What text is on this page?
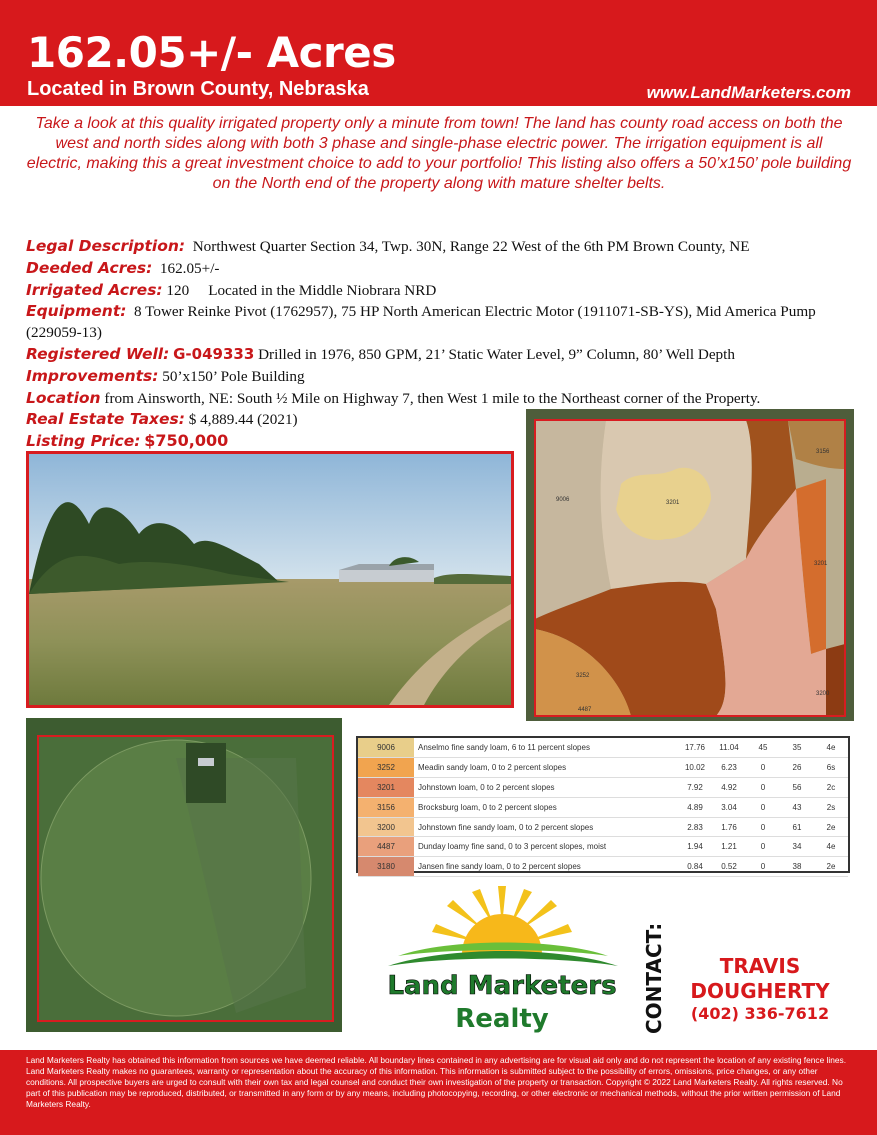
162.05+/- Acres
Located in Brown County, Nebraska	www.LandMarketers.com
Take a look at this quality irrigated property only a minute from town! The land has county road access on both the west and north sides along with both 3 phase and single-phase electric power. The irrigation equipment is all electric, making this a great investment choice to add to your portfolio! This listing also offers a 50’x150’ pole building on the North end of the property along with mature shelter belts.
Legal Description: Northwest Quarter Section 34, Twp. 30N, Range 22 West of the 6th PM Brown County, NE
Deeded Acres: 162.05+/-
Irrigated Acres: 120     Located in the Middle Niobrara NRD
Equipment: 8 Tower Reinke Pivot (1762957), 75 HP North American Electric Motor (1911071-SB-YS), Mid America Pump (229059-13)
Registered Well: G-049333 Drilled in 1976, 850 GPM, 21’ Static Water Level, 9” Column, 80’ Well Depth
Improvements: 50’x150’ Pole Building
Location from Ainsworth, NE: South ½ Mile on Highway 7, then West 1 mile to the Northeast corner of the Property.
Real Estate Taxes: $ 4,889.44 (2021)
Listing Price: $750,000
9006	3201
3156
3201
3252
3200
4487
9006	Anselmo fine sandy loam, 6 to 11 percent slopes	17.76	11.04	45	35	4e
3252	Meadin sandy loam, 0 to 2 percent slopes	10.02	6.23	0	26	6s
3201	Johnstown loam, 0 to 2 percent slopes	7.92	4.92	0	56	2c
3156	Brocksburg loam, 0 to 2 percent slopes	4.89	3.04	0	43	2s
3200	Johnstown fine sandy loam, 0 to 2 percent slopes	2.83	1.76	0	61	2e
4487	Dunday loamy fine sand, 0 to 3 percent slopes, moist	1.94	1.21	0	34	4e
3180	Jansen fine sandy loam, 0 to 2 percent slopes	0.84	0.52	0	38	2e
Land Marketers
Realty	CONTACT:	TRAVIS DOUGHERTY
(402) 336-7612
Land Marketers Realty has obtained this information from sources we have deemed reliable. All boundary lines contained in any advertising are for visual aid only and do not represent the location of any existing fence lines. Land Marketers Realty makes no guarantees, warranty or representation about the accuracy of this information. This information is submitted subject to the possibility of errors, omissions, price changes, or any other conditions. All prospective buyers are urged to consult with their own tax and legal counsel and conduct their own investigation of the property or transaction. Copyright © 2022 Land Marketers Realty. All rights reserved. No part of this publication may be reproduced, distributed, or transmitted in any form or by any means, including photocopying, recording, or other electronic or mechanical methods, without the prior written permission of Land Marketers Realty.
